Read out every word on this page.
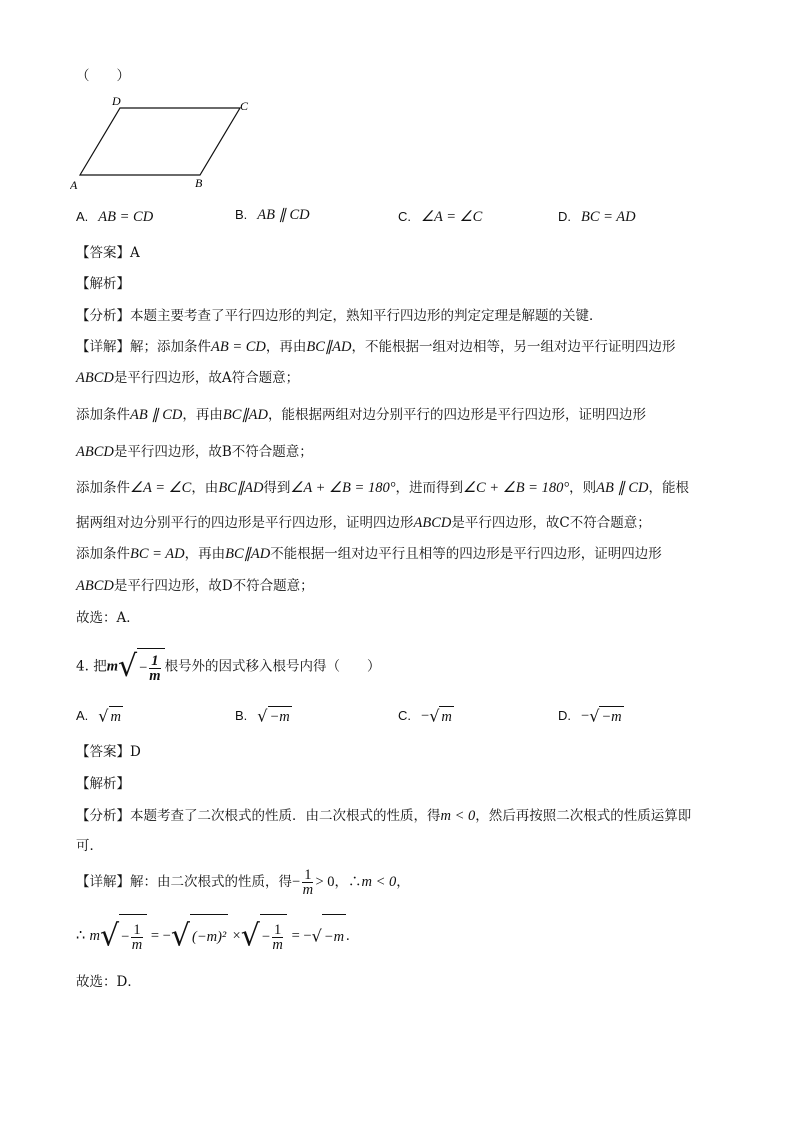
（　　）
A	B
C
D
A. AB = CD	B. AB ∥ CD	C. ∠A = ∠C	D. BC = AD
【答案】A
【解析】
【分析】本题主要考查了平行四边形的判定，熟知平行四边形的判定定理是解题的关键．
【详解】解；添加条件AB = CD，再由BC∥AD，不能根据一组对边相等，另一组对边平行证明四边形
ABCD是平行四边形，故A符合题意；
添加条件AB ∥ CD，再由BC∥AD，能根据两组对边分别平行的四边形是平行四边形，证明四边形
ABCD是平行四边形，故B不符合题意；
添加条件∠A = ∠C，由BC∥AD得到∠A + ∠B = 180°，进而得到∠C + ∠B = 180°，则AB ∥ CD，能根
据两组对边分别平行的四边形是平行四边形，证明四边形ABCD是平行四边形，故C不符合题意；
添加条件BC = AD，再由BC∥AD不能根据一组对边平行且相等的四边形是平行四边形，证明四边形
ABCD是平行四边形，故D不符合题意；
故选：A．
4. 把$m√ - \frac{1}{m}$ 根号外的因式移入根号内得（　　）
A. √ m	B. √ −m	C. −√ m	D. −√ −m
【答案】D
【解析】
【分析】本题考查了二次根式的性质．由二次根式的性质，得m < 0，然后再按照二次根式的性质运算即
可．
【详解】解：由二次根式的性质，得− $\frac{1}{m} > 0$，∴m < 0，
∴ $m√ - \frac{1}{m}$ = −√ (−m)² ×√ − $\frac{1}{m}$ = −√ −m .
故选：D．
